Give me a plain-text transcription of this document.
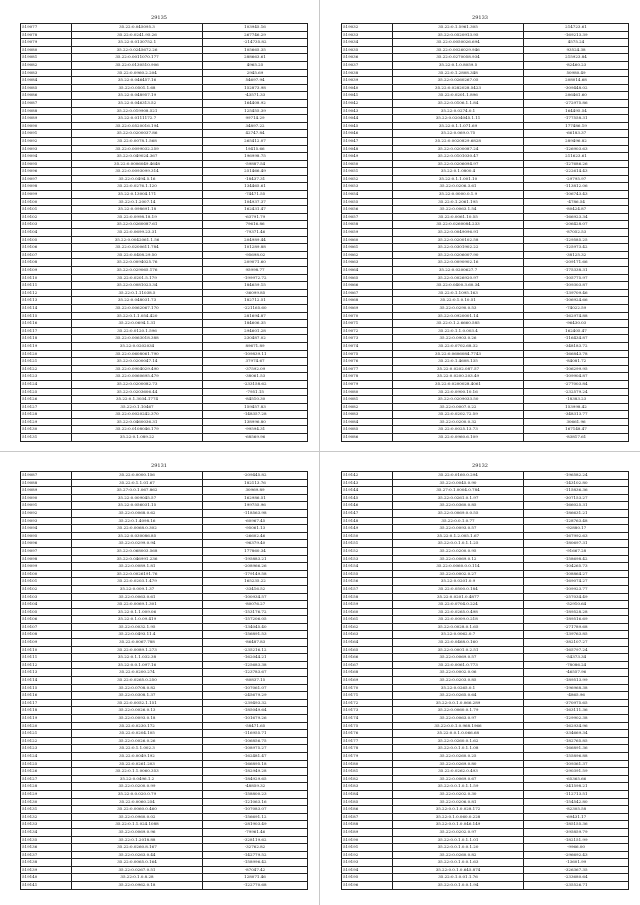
29135
519077	35.22:0.045095.3	103945.16
519078	35.22:0.0241.95.26	267746.29
519079	35.22:0.0130752.1	-214735.82
519080	35.22:0.0245672.26	105665.35
519081	35.22:0.0011070.177	288663.61
519082	35.22:0.0130510.906	4965.25
519083	35.22:0.0960.2.204	2945.69
519084	35.22:0.046457.16	54697.94
519085	35.22:0.0501.1.68	152873.98
519086	35.22:0.048957.19	-43571.33
519087	35.22:0.046313.52	164408.92
519088	35.22:0.019908.521	125455.39
519089	35.22:0.0111172.7	99714.29
519090	35.22:0.0520016.194	34897.22
519091	35.22:0.0200037.86	42747.84
519092	35.22:0.0078.1.568	265412.07
519093	35.22:0.0099032.259	19415.66
519094	35.22:0.049024.367	196998.75
519095	35.22:0.0006049.4648	-59887.54
519096	35.22:0.0093099.314	251466.49
519097	35.22:0.0494.5.16	-18437.31
519098	35.22:0.0276.1.120	134465.61
519099	35.22:0.13004.171	-74471.55
519100	35.22:0.1.2007.14	104937.37
519101	35.22:0.098691.18	162431.47
519102	35.22:0.0998.18.19	-63791.79
519103	35.22:0.0260087.61	79616.86
519104	35.22:0.0699.23.31	-79371.46
519105	35.22:0.0042061.1.56	204989.44
519106	35.22:0.0200611.784	101289.88
519107	35.22:0.0408.29.50	-95698.02
519108	35.22:0.0094025.76	209071.60
519109	35.22:0.029065.176	95998.77
519110	35.22:0.0201.5.179	-199972.72
519111	35.22:0.0081023.34	184659.15
519112	35.22:0.1.11038.5	-36099.85
519113	35.22:0.048031.73	182712.51
519114	35.22:0.0062067.170	-221165.60
519115	35.22:0.1.1.054.420	281694.87
519116	35.22:0.0694.1.31	184606.35
519117	35.22:0.0120.1.596	294601.28
519118	35.22:0.0063018.388	230487.02
519119	35.22:0.0202034	89671.89
519120	35.22:0.0608061.790	-109839.11
519121	35.22:0.0200047.14	37974.67
519122	35.22:0.0904029.490	-37592.09
519123	35.22:0.0060695.479	-38061.53
519124	35.22:0.0200082.73	-233158.62
519125	35.22:0.0203606.44	-7951.15
519126	35.22:0.1.3034.1774	-84510.30
519127	35.22:0.1.10467	159457.83
519128	35.22:0.0020242.370	-148357.28
519129	35.22:0.0460036.31	138996.80
519130	35.22:0.0108046.179	-99594.31
519131	35.22:0.1.089.22	-68569.96
29133
519032	35.22:0.1.5961.305	214723.61
519033	35.22:0.0520913.95	-169213.39
519034	35.22:0.0050026.694	4575.24
519035	35.22:0.0026029.946	93524.38
519036	35.22:0.0270058.934	215923.84
519037	35.22:0.1.0.8059.5	-82460.23
519038	35.22:0.1.2808.348	50980.49
519039	35.22:0.0260267.05	208014.68
519040	35.22:0.0282028.5423	-309448.02
519041	35.22:0.0201.1.896	206461.60
519042	35.22:0.0106.1.1.84	-272975.86
519043	35.22:0.0274.0.1	164495.54
519044	35.22:0.0204045.1.11	-177558.31
519045	35.22:0.1.1.071.69	177486.19
519046	35.22:0.069.0.75	-66183.37
519047	35.22:0.0020829.6828	289496.82
519048	35.22:0.0200087.24	-126903.63
519049	35.22:0.0101030.47	211623.61
519050	35.22:0.0206094.97	-127686.26
519051	35.22:0.1.0800.4	-222614.43
519052	35.22:0.1.1.001.10	-29795.97
519053	35.22:0.0206.3.61	-113812.06
519054	35.22:0.0000.0.1.9	-106743.43
519055	35.22:0.1.2061.195	-4786.54
519056	35.22:0.0063.1.54	-80424.87
519057	35.22:0.0061.10.55	-166923.34
519058	35.22:0.0260084.233	-206428.07
519059	35.22:0.0049096.91	-87052.53
519060	35.22:0.0200102.58	-129585.25
519061	35.22:0.0301902.22	-125973.42
519062	35.22:0.0206007.90	-38125.32
519063	35.22:0.0090902.16	-209171.66
519064	35.22:0.0200627.7	-175338.31
519065	35.22:0.0026920.97	-105775.97
519066	35.22:0.0400.3.60.34	-109303.87
519067	35.22:0.1.1095.163	-139709.46
519068	35.22:0.1.0.10.51	-106924.66
519069	35.22:0.0290.0.53	-74022.59
519070	35.22:0.0920001.14	-162974.88
519071	35.22:0.1.2.6660.585	-96430.03
519072	35.22:0.1.1.0.003.4	162405.47
519073	35.22:0.0903.0.26	-116434.87
519074	35.22:0.0702.68.32	-348183.72
519075	35.22:0.0606084.7743	-166843.78
519076	35.22:0.1.4608.135	-84081.72
519077	35.22:0.0202.087.57	-106299.95
519078	35.22:0.0200.203.49	-109904.87
519079	35.22:0.0200028.4061	-277003.84
519080	35.22:0.0900.10.16	-232579.24
519081	35.22:0.0209033.50	-18383.23
519082	35.22:0.0007.0.22	153998.42
519083	35.22:0.0202.72.59	-348313.77
519084	35.22:0.0200.0.32	30661.96
519085	35.22:0.0025.13.73	167148.47
519086	35.22:0.0960.6.109	-83817.61
29131
519087	35.22:0.0000.156	-209445.82
519088	35.22:0.1.1.01.67	182113.76
519089	35.27:0.0.1.067.862	30969.89
519090	35.22:0.009045.57	162986.51
519091	35.22:0.056031.15	199755.96
519092	35.22:0.0068.0.62	-118563.98
519093	35.22:0.1.4098.16	-60967.45
519094	35.22:0.0068.0.302	-95061.13
519095	35.22:0.030086.85	-26602.46
519096	35.22:0.0299.0.94	-96379.40
519097	35.22:0.068003.568	177860.34
519098	35.22:0.046991.236	-195883.21
519099	35.22:0.0089.1.81	-208966.26
519100	35.22:0.0026191.76	-179149.58
519101	35.22:0.0203.1.479	165235.22
519102	35.22:0.009.1.37	-33416.52
519103	35.22:0.0063.0.61	-100934.57
519104	35.22:0.0069.1.301	-80076.27
519105	35.22:0.1.1.009.06	-153176.72
519106	35.22:0.1.0.09.419	-157206.05
519107	35.22:0.0032.1.95	-134045.40
519108	35.22:0.0493.11.4	-156891.53
519109	35.22:0.0067.788	-86487.83
519110	35.22:0.0089.1.273	-235216.12
519111	35.22:0.1.1.032.38	-162044.21
519112	35.22:0.0.1.097.16	-125683.38
519113	35.22:0.0200.274	-123783.67
519114	35.22:0.0265.0.250	-80837.15
519115	35.22:0.0708.0.82	-107061.07
519116	35.22:0.0308.1.37	-245679.29
519117	35.22:0.0052.1.151	-239493.32
519118	35.22:0.0026.0.13	-185049.64
519119	35.22:0.0093.0.18	-101679.26
519120	35.22:0.0230.172	-58471.65
519121	35.22:0.0204.105	-116955.71
519122	35.22:0.0026.0.26	-106856.75
519123	35.22:0.1.1.002.3	-108975.27
519124	35.22:0.0049.192	-162481.47
519125	35.22:0.0261.203	-166895.18
519126	35.22:0.1.1.0060.353	-182949.28
519127	35.22:0.0496.1.2	-184929.65
519128	35.22:0.0200.0.99	-48859.32
519129	35.22:0.0.020.0.79	-158800.23
519130	35.22:0.0060.254	-121063.16
519131	35.22:0.0060.0.460	-107083.07
519132	35.22:0.0960.0.02	-156691.12
519133	35.22:0.1.1.024.1088	-281903.49
519134	35.22:0.0069.0.96	-79961.46
519135	35.22:0.1.2018.88	-328119.62
519136	35.22:0.0260.8.167	-32762.82
519137	35.22:0.0263.0.44	-142779.52
519138	35.22:0.0065.0.164	-158996.42
519139	35.22:0.0267.0.51	-87047.42
519140	35.22:0.1.0.8.28	128071.46
519141	35.22:0.0962.0.18	-122770.68
29132
519142	35.22:0.0160.0.294	-196582.24
519143	35.22:0.0045.0.90	-143102.80
519144	35.27:0.1.0004.0.784	-115836.36
519145	35.22:0.0261.0.1.97	-307153.27
519146	35.22:0.0360.0.85	-166025.31
519147	35.22:0.0069.0.0.55	-186631.21
519148	35.22:0.0.1.0.77	-128763.48
519149	35.22:0.0093.0.57	-92880.17
519150	35.22:0.1.2.005.1.67	-167992.63
519151	35.22:0.0.1.0.1.1.25	-180697.31
519152	35.22:0.0200.0.95	-91667.28
519153	35.22:0.0069.0.12	-158698.42
519154	35.22:0.0060.0.0.114	-104265.73
519155	35.22:0.0002.0.27	-108864.27
519156	35.22:0.0201.0.9	-169074.27
519157	35.22:0.0500.0.184	-109923.77
519158	35.22:0.0201.0.4877	-257034.49
519159	35.22:0.0704.0.224	-52910.64
519160	35.22:0.0265.0.498	-189528.28
519161	35.22:0.0009.0.218	-189516.69
519162	35.22:0.0028.0.1.65	-271789.68
519163	35.22:0.0062.0.7	-139763.85
519164	35.22:0.0468.0.160	-382107.27
519165	35.22:0.0001.0.2.51	-165797.24
519166	35.22:0.0069.0.57	-54373.34
519167	35.22:0.0061.0.773	-78086.24
519168	35.22:0.0002.0.06	-46557.96
519169	35.22:0.0203.0.85	-189513.99
519170	35.22:0.0265.0.1	-196968.38
519171	35.22:0.0265.0.64	-4865.96
519172	35.22:0.0.1.0.066.289	-370975.65
519173	35.22:0.0060.0.1.79	-163111.36
519174	35.22:0.0063.0.97	-129902.38
519175	35.22:0.0.1.0.968.1966	-162934.96
519176	35.22:0.0.1.0.066.68	-334669.34
519177	35.22:0.0260.0.1.62	-182765.85
519178	35.22:0.0.1.0.1.1.08	-166891.36
519179	35.22:0.0260.0.25	-155896.88
519180	35.22:0.0269.0.80	-109361.37
519181	35.22:0.0262.0.493	-290391.59
519182	35.22:0.0069.0.67	-65365.66
519183	35.22:0.0.1.0.1.1.59	-341598.21
519184	35.22:0.0202.0.30	-112713.51
519185	35.22:0.0206.0.81	-154542.80
519186	35.22:0.0.1.0.028.172	-82305.58
519187	35.22:0.1.0.060.0.228	-69431.17
519188	35.22:0.0.1.0.046.149	-185155.36
519189	35.22:0.0202.0.97	-395859.79
519190	35.22:0.0.1.0.1.1.01	-182151.99
519191	35.22:0.0.1.0.0.1.20	-9966.00
519192	35.22:0.0260.0.82	-296692.43
519193	35.22:0.0.1.0.0.1.63	-13601.99
519194	35.22:0.0.1.0.645.874	-326367.35
519195	35.22:0.1.0.01.1.76	-233680.64
519196	35.22:0.0.1.0.0.1.94	-235526.71
